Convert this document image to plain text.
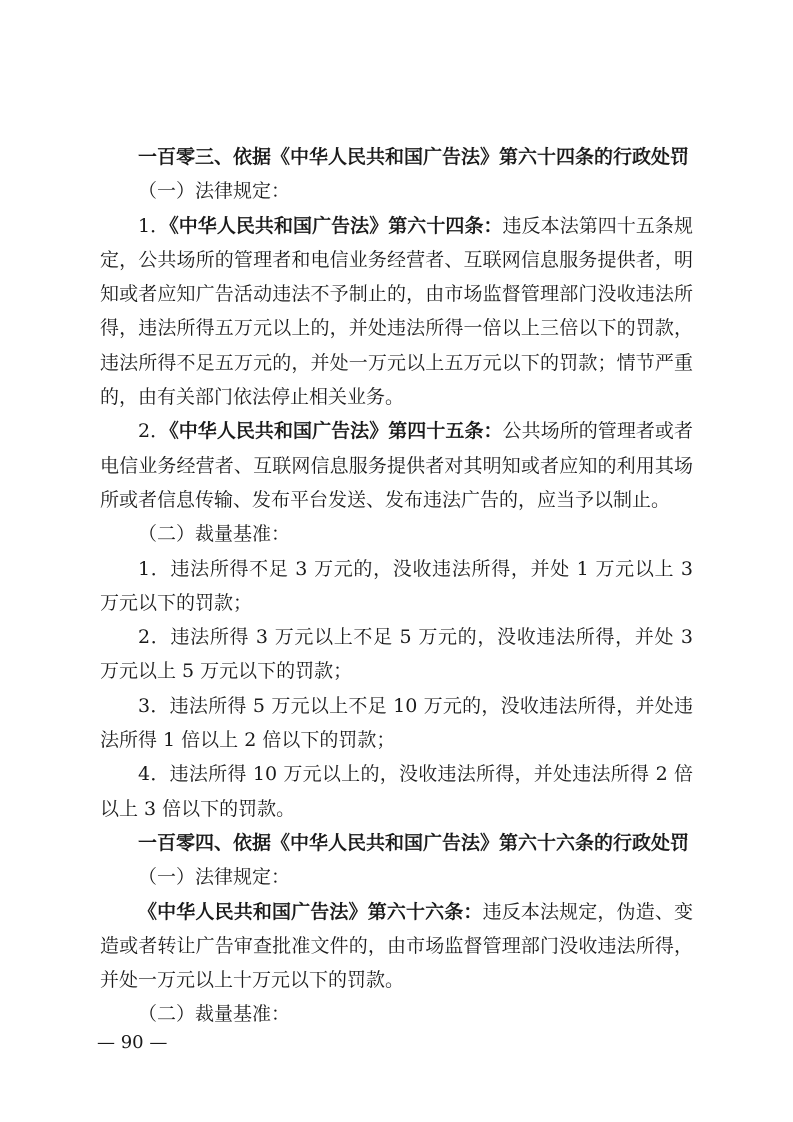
一百零三、依据《中华人民共和国广告法》第六十四条的行政处罚

（一）法律规定：

1．《中华人民共和国广告法》第六十四条：违反本法第四十五条规定，公共场所的管理者和电信业务经营者、互联网信息服务提供者，明知或者应知广告活动违法不予制止的，由市场监督管理部门没收违法所得，违法所得五万元以上的，并处违法所得一倍以上三倍以下的罚款，违法所得不足五万元的，并处一万元以上五万元以下的罚款；情节严重的，由有关部门依法停止相关业务。

2．《中华人民共和国广告法》第四十五条：公共场所的管理者或者电信业务经营者、互联网信息服务提供者对其明知或者应知的利用其场所或者信息传输、发布平台发送、发布违法广告的，应当予以制止。

（二）裁量基准：

1．违法所得不足 3 万元的，没收违法所得，并处 1 万元以上 3 万元以下的罚款；

2．违法所得 3 万元以上不足 5 万元的，没收违法所得，并处 3 万元以上 5 万元以下的罚款；

3．违法所得 5 万元以上不足 10 万元的，没收违法所得，并处违法所得 1 倍以上 2 倍以下的罚款；

4．违法所得 10 万元以上的，没收违法所得，并处违法所得 2 倍以上 3 倍以下的罚款。

一百零四、依据《中华人民共和国广告法》第六十六条的行政处罚

（一）法律规定：

《中华人民共和国广告法》第六十六条：违反本法规定，伪造、变造或者转让广告审查批准文件的，由市场监督管理部门没收违法所得，并处一万元以上十万元以下的罚款。

（二）裁量基准：

— 90 —
